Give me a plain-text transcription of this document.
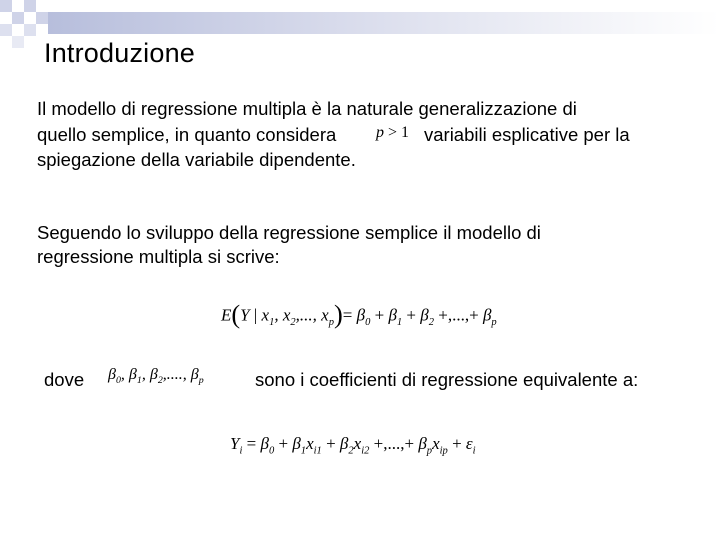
Introduzione
Il modello di regressione multipla è la naturale generalizzazione di
quello semplice, in quanto considera p > 1 variabili esplicative per la
spiegazione della variabile dipendente.
Seguendo lo sviluppo della regressione semplice il modello di
regressione multipla si scrive:
E(Y | $x_1$, $x_2$,..., $x_p)= \beta_0 + \beta_1 + \beta_2$ +,...,+ $\beta_p$
dove $\beta_0$, $\beta_1$, $\beta_2$,...., $\beta_p$	sono i coefficienti di regressione equivalente a:
$Y_i = \beta_0 + \beta_1x_{i1} + \beta_2x_{i2}$ +,...,+ $\beta_px_{ip} + \varepsilon_i$
